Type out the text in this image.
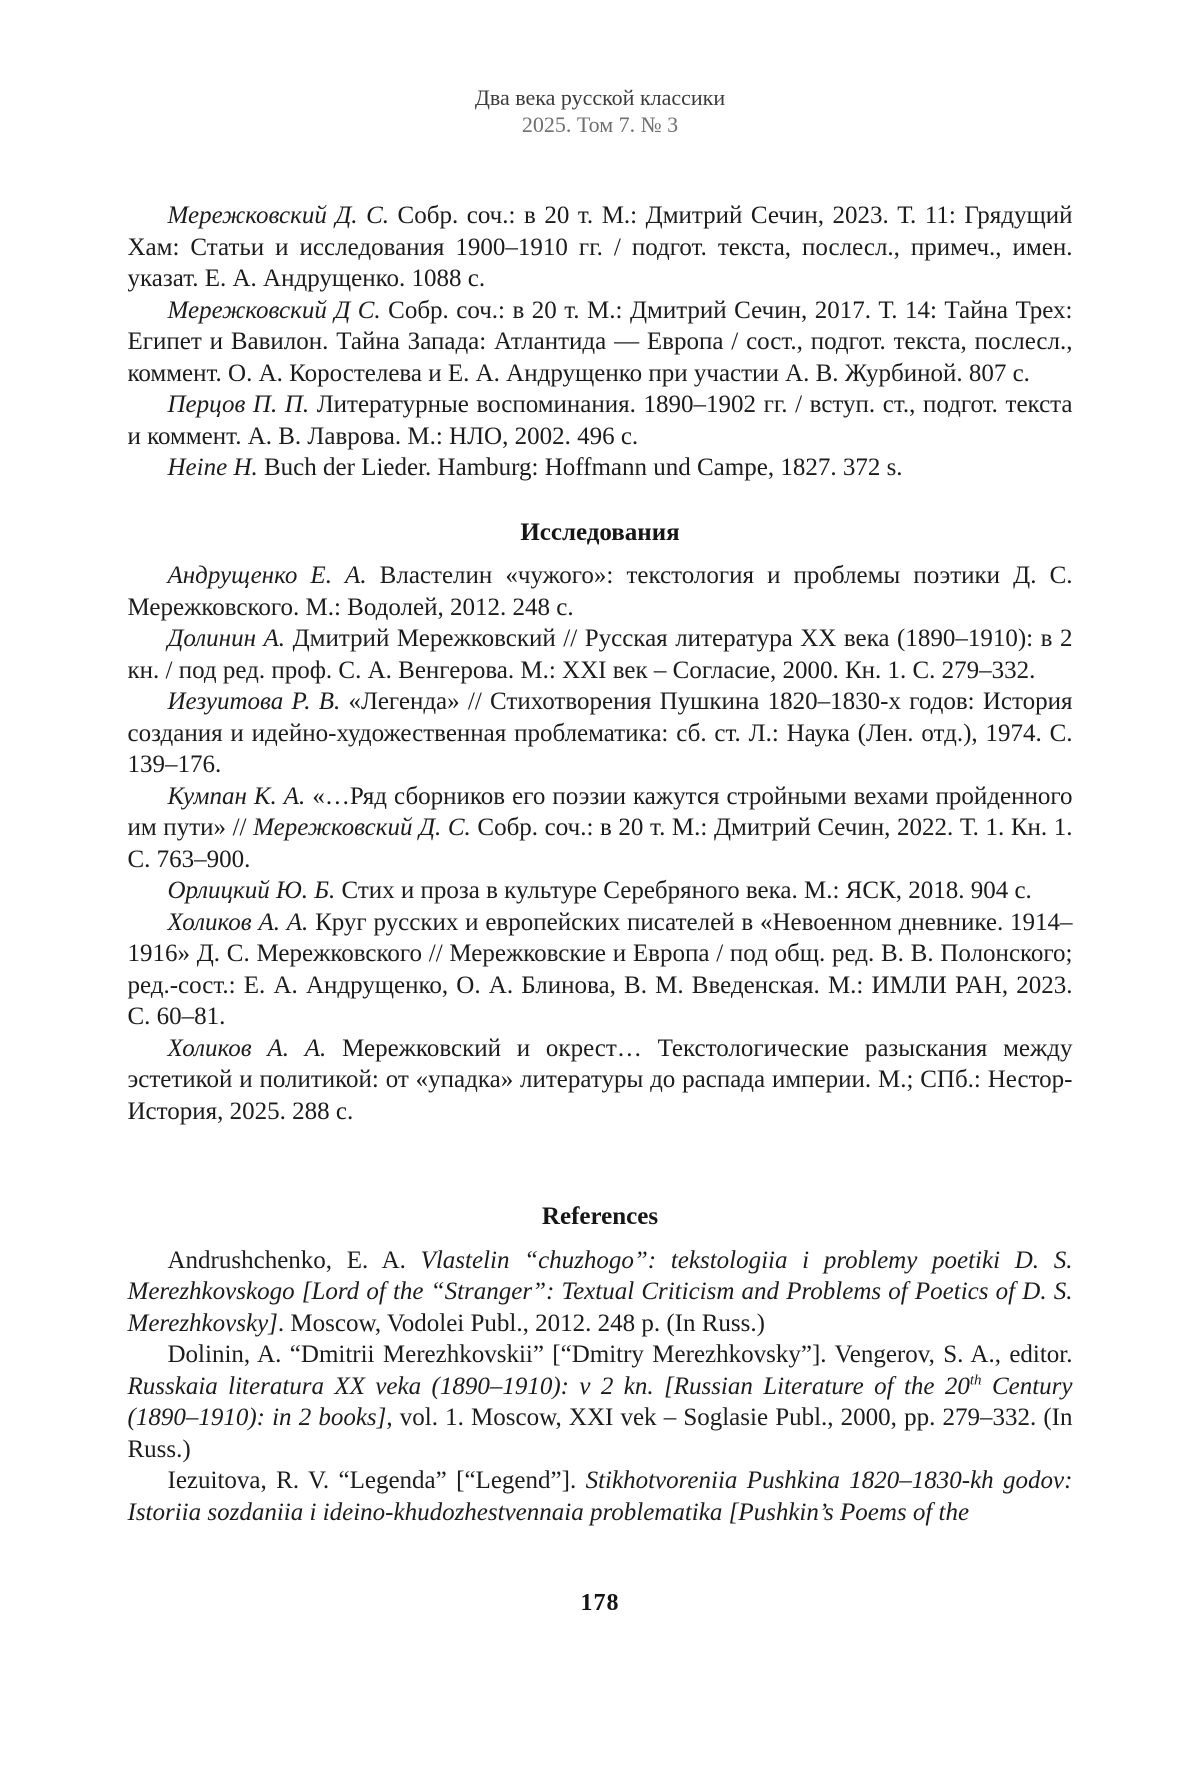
Два века русской классики
2025. Том 7. № 3

Мережковский Д. С. Собр. соч.: в 20 т. М.: Дмитрий Сечин, 2023. Т. 11: Грядущий Хам: Статьи и исследования 1900–1910 гг. / подгот. текста, послесл., примеч., имен. указат. Е. А. Андрущенко. 1088 с.

Мережковский Д С. Собр. соч.: в 20 т. М.: Дмитрий Сечин, 2017. Т. 14: Тайна Трех: Египет и Вавилон. Тайна Запада: Атлантида — Европа / сост., подгот. текста, послесл., коммент. О. А. Коростелева и Е. А. Андрущенко при участии А. В. Журбиной. 807 с.

Перцов П. П. Литературные воспоминания. 1890–1902 гг. / вступ. ст., подгот. текста и коммент. А. В. Лаврова. М.: НЛО, 2002. 496 с.

Heine H. Buch der Lieder. Hamburg: Hoffmann und Campe, 1827. 372 s.

Исследования

Андрущенко Е. А. Властелин «чужого»: текстология и проблемы поэтики Д. С. Мережковского. М.: Водолей, 2012. 248 с.

Долинин А. Дмитрий Мережковский // Русская литература XX века (1890–1910): в 2 кн. / под ред. проф. С. А. Венгерова. М.: XXI век – Согласие, 2000. Кн. 1. С. 279–332.

Иезуитова Р. В. «Легенда» // Стихотворения Пушкина 1820–1830-х годов: История создания и идейно-художественная проблематика: сб. ст. Л.: Наука (Лен. отд.), 1974. С. 139–176.

Кумпан К. А. «…Ряд сборников его поэзии кажутся стройными вехами пройденного им пути» // Мережковский Д. С. Собр. соч.: в 20 т. М.: Дмитрий Сечин, 2022. Т. 1. Кн. 1. С. 763–900.

Орлицкий Ю. Б. Стих и проза в культуре Серебряного века. М.: ЯСК, 2018. 904 с.

Холиков А. А. Круг русских и европейских писателей в «Невоенном дневнике. 1914–1916» Д. С. Мережковского // Мережковские и Европа / под общ. ред. В. В. Полонского; ред.-сост.: Е. А. Андрущенко, О. А. Блинова, В. М. Введенская. М.: ИМЛИ РАН, 2023. С. 60–81.

Холиков А. А. Мережковский и окрест… Текстологические разыскания между эстетикой и политикой: от «упадка» литературы до распада империи. М.; СПб.: Нестор-История, 2025. 288 с.

References

Andrushchenko, E. A. Vlastelin “chuzhogo”: tekstologiia i problemy poetiki D. S. Merezhkovskogo [Lord of the “Stranger”: Textual Criticism and Problems of Poetics of D. S. Merezhkovsky]. Moscow, Vodolei Publ., 2012. 248 p. (In Russ.)

Dolinin, A. “Dmitrii Merezhkovskii” [“Dmitry Merezhkovsky”]. Vengerov, S. A., editor. Russkaia literatura XX veka (1890–1910): v 2 kn. [Russian Literature of the 20th Century (1890–1910): in 2 books], vol. 1. Moscow, XXI vek – Soglasie Publ., 2000, pp. 279–332. (In Russ.)

Iezuitova, R. V. “Legenda” [“Legend”]. Stikhotvoreniia Pushkina 1820–1830-kh godov: Istoriia sozdaniia i ideino-khudozhestvennaia problematika [Pushkin’s Poems of the

178
